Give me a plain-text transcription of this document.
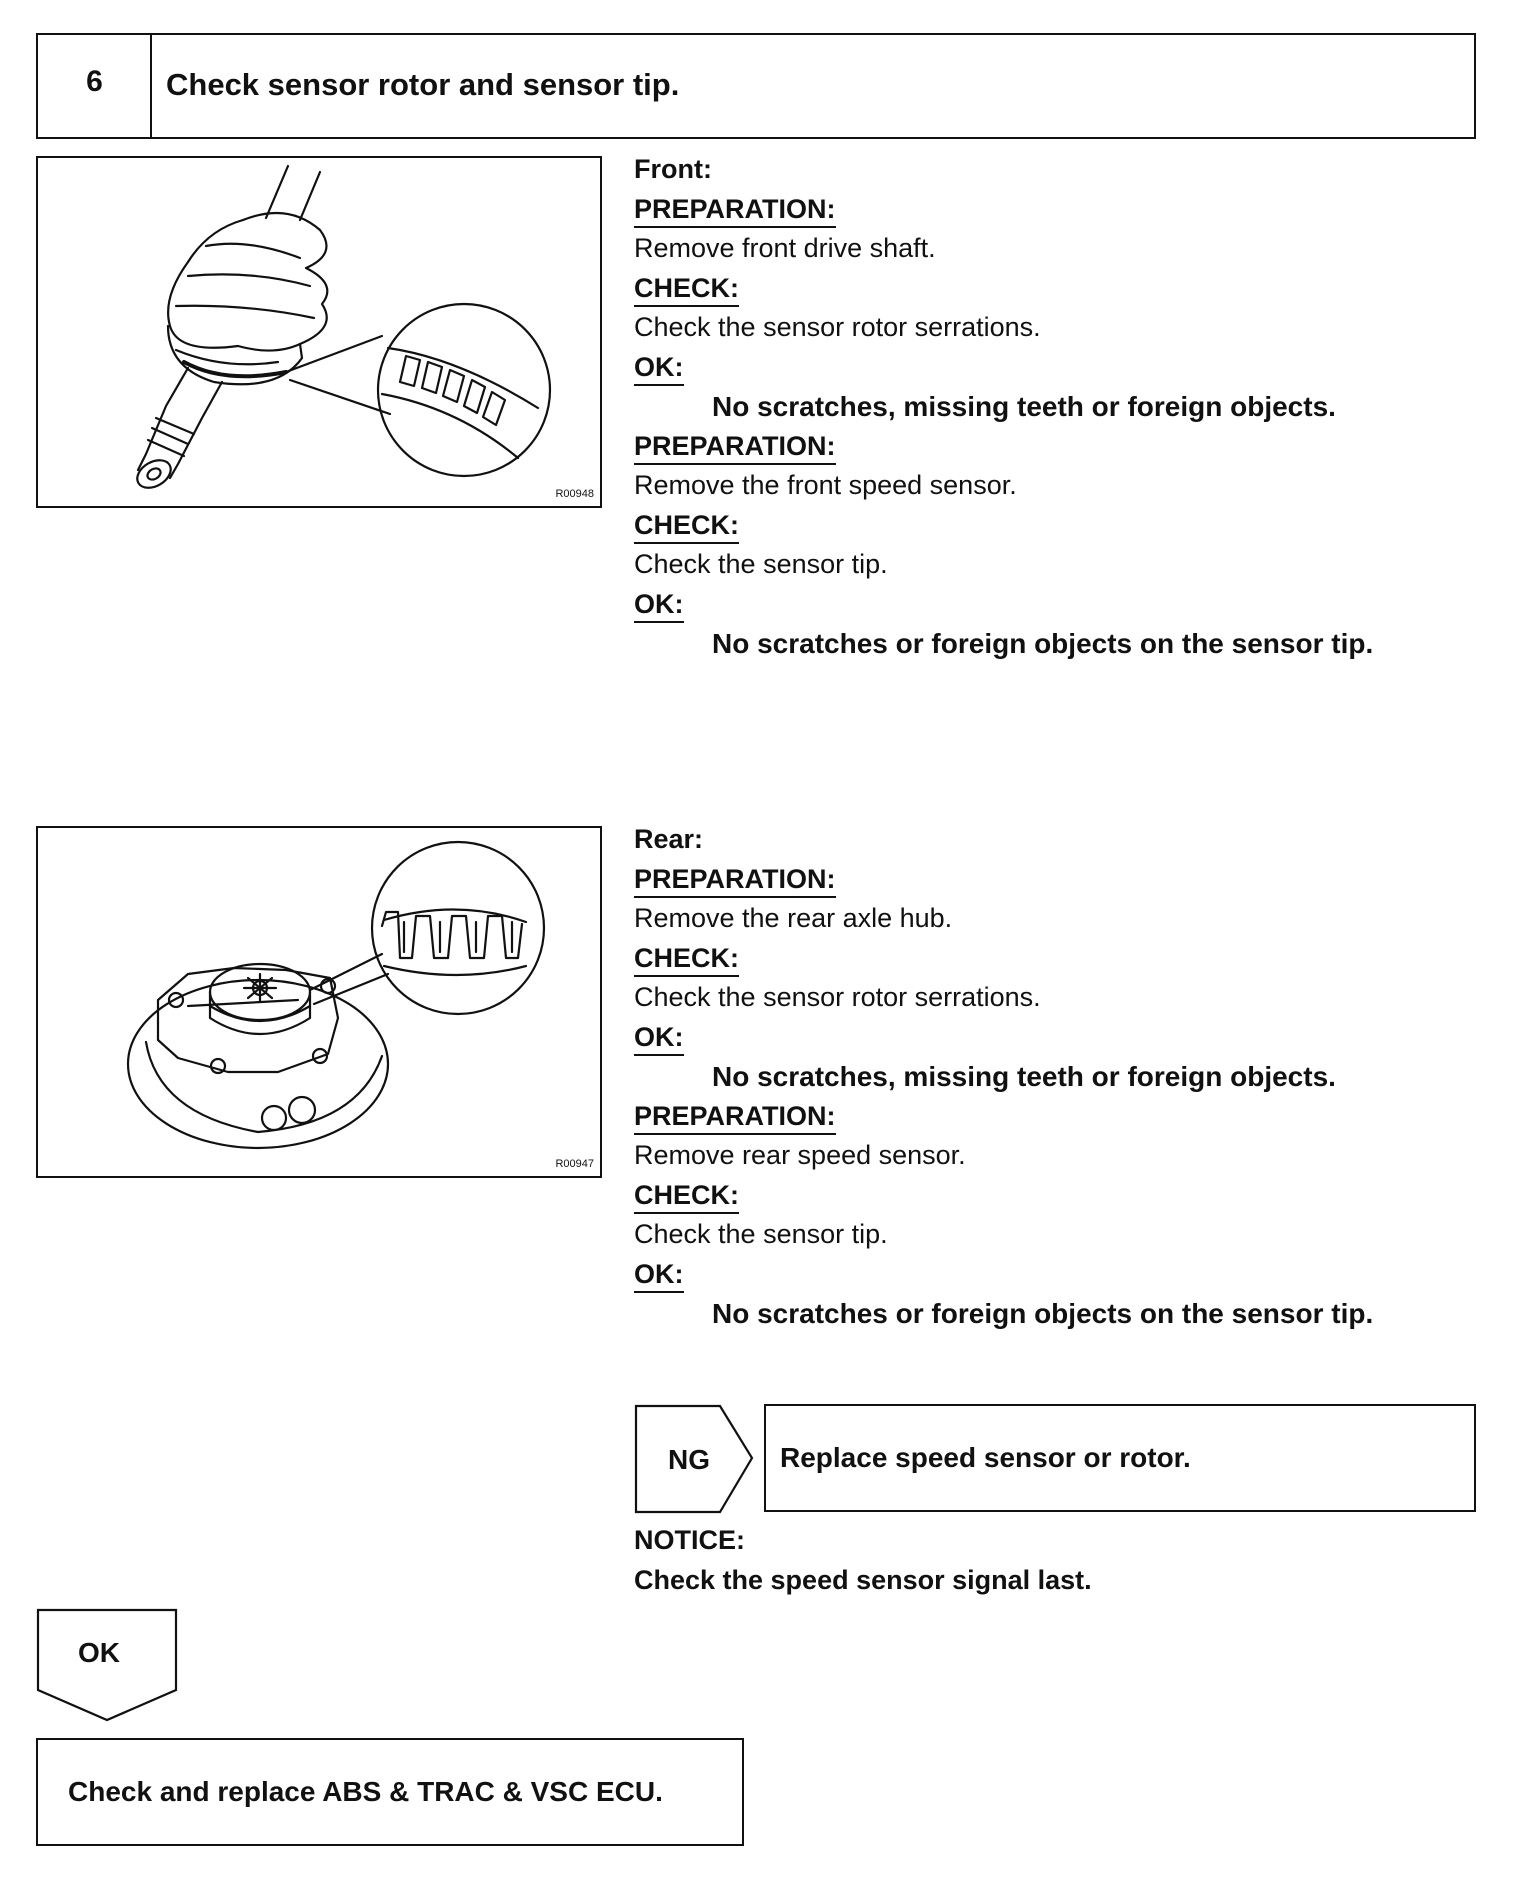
6	Check sensor rotor and sensor tip.
R00948
Front:
PREPARATION:
Remove front drive shaft.
CHECK:
Check the sensor rotor serrations.
OK:
No scratches, missing teeth or foreign objects.
PREPARATION:
Remove the front speed sensor.
CHECK:
Check the sensor tip.
OK:
No scratches or foreign objects on the sensor tip.
R00947
Rear:
PREPARATION:
Remove the rear axle hub.
CHECK:
Check the sensor rotor serrations.
OK:
No scratches, missing teeth or foreign objects.
PREPARATION:
Remove rear speed sensor.
CHECK:
Check the sensor tip.
OK:
No scratches or foreign objects on the sensor tip.
NG	Replace speed sensor or rotor.
NOTICE:
Check the speed sensor signal last.
OK
Check and replace ABS & TRAC & VSC ECU.
